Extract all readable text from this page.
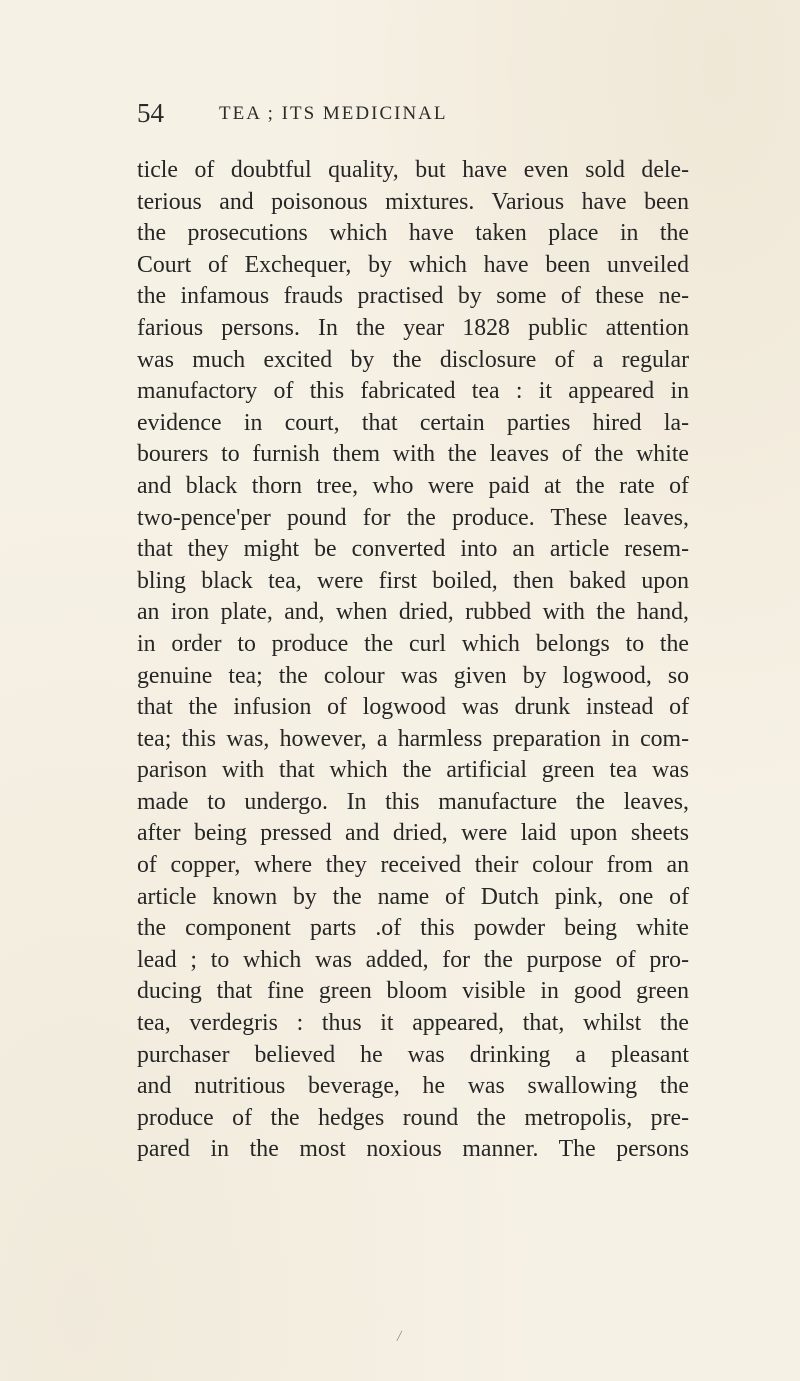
54	TEA ; ITS MEDICINAL
ticle of doubtful quality, but have even sold dele-
terious and poisonous mixtures. Various have been
the prosecutions which have taken place in the
Court of Exchequer, by which have been unveiled
the infamous frauds practised by some of these ne-
farious persons. In the year 1828 public attention
was much excited by the disclosure of a regular
manufactory of this fabricated tea : it appeared in
evidence in court, that certain parties hired la-
bourers to furnish them with the leaves of the white
and black thorn tree, who were paid at the rate of
two-pence'per pound for the produce. These leaves,
that they might be converted into an article resem-
bling black tea, were first boiled, then baked upon
an iron plate, and, when dried, rubbed with the hand,
in order to produce the curl which belongs to the
genuine tea; the colour was given by logwood, so
that the infusion of logwood was drunk instead of
tea; this was, however, a harmless preparation in com-
parison with that which the artificial green tea was
made to undergo. In this manufacture the leaves,
after being pressed and dried, were laid upon sheets
of copper, where they received their colour from an
article known by the name of Dutch pink, one of
the component parts .of this powder being white
lead ; to which was added, for the purpose of pro-
ducing that fine green bloom visible in good green
tea, verdegris : thus it appeared, that, whilst the
purchaser believed he was drinking a pleasant
and nutritious beverage, he was swallowing the
produce of the hedges round the metropolis, pre-
pared in the most noxious manner. The persons
/
